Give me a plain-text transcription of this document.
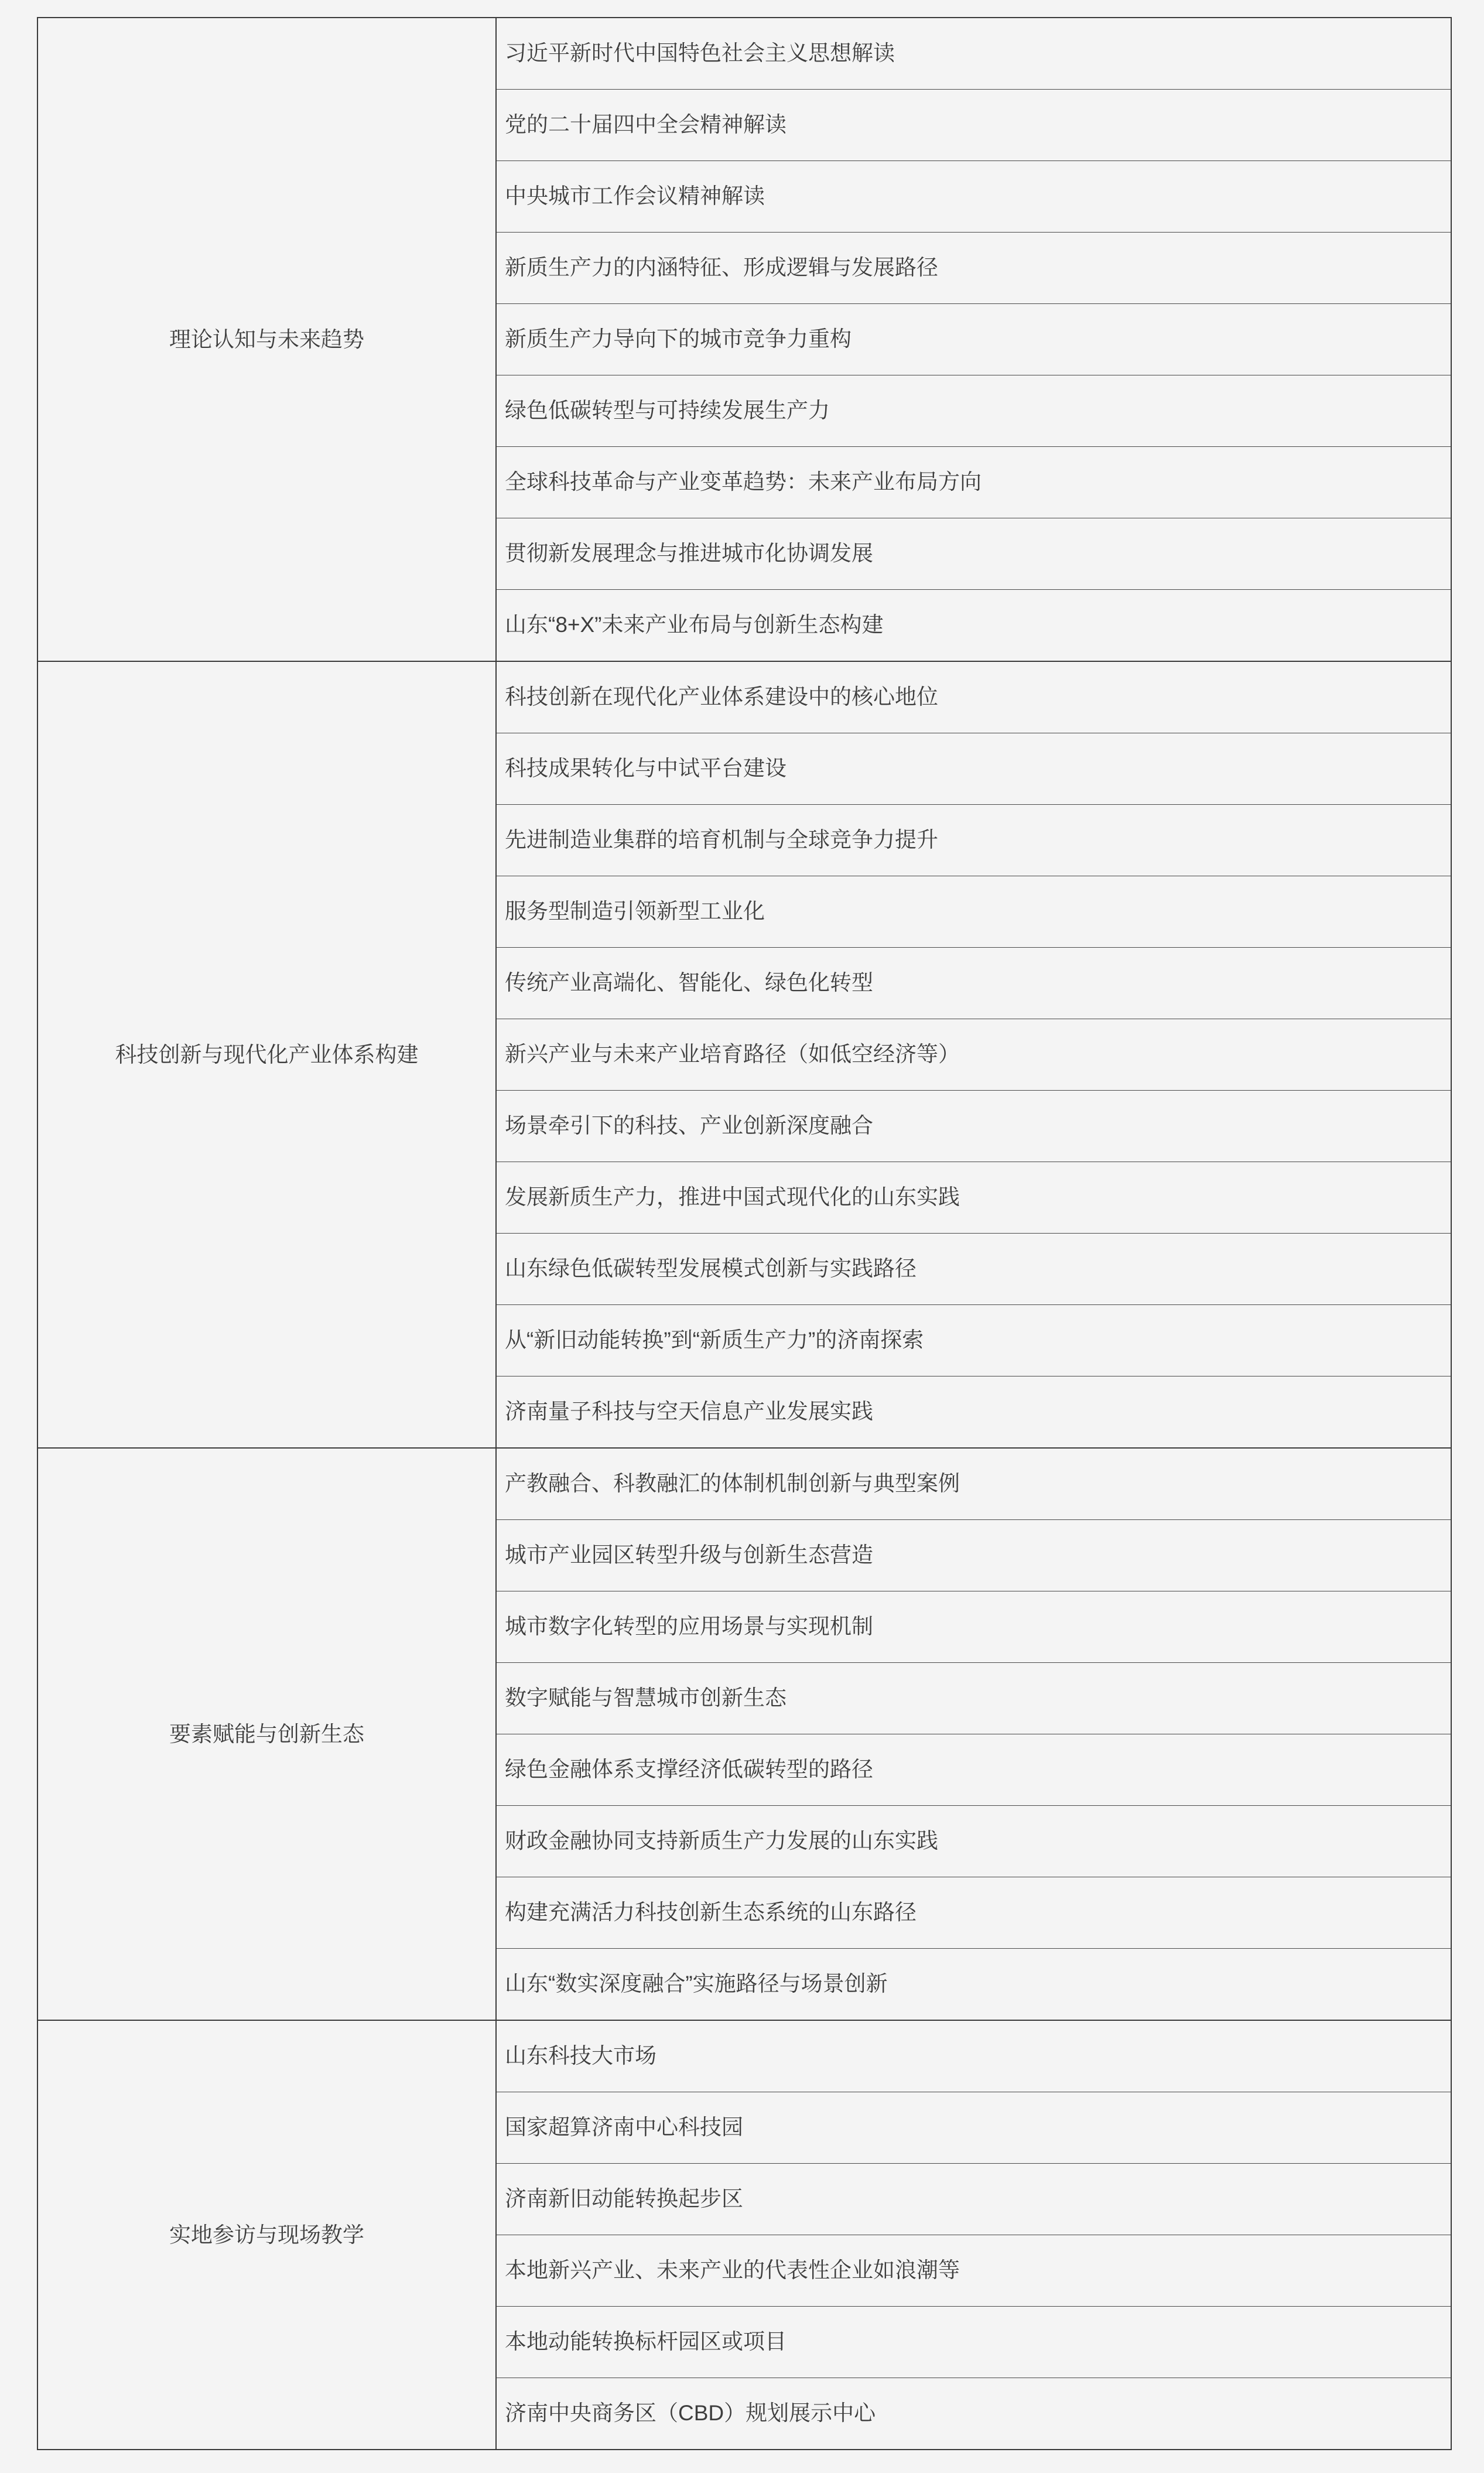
理论认知与未来趋势
习近平新时代中国特色社会主义思想解读
党的二十届四中全会精神解读
中央城市工作会议精神解读
新质生产力的内涵特征、形成逻辑与发展路径
新质生产力导向下的城市竞争力重构
绿色低碳转型与可持续发展生产力
全球科技革命与产业变革趋势：未来产业布局方向
贯彻新发展理念与推进城市化协调发展
山东“8+X”未来产业布局与创新生态构建
科技创新与现代化产业体系构建
科技创新在现代化产业体系建设中的核心地位
科技成果转化与中试平台建设
先进制造业集群的培育机制与全球竞争力提升
服务型制造引领新型工业化
传统产业高端化、智能化、绿色化转型
新兴产业与未来产业培育路径（如低空经济等）
场景牵引下的科技、产业创新深度融合
发展新质生产力，推进中国式现代化的山东实践
山东绿色低碳转型发展模式创新与实践路径
从“新旧动能转换”到“新质生产力”的济南探索
济南量子科技与空天信息产业发展实践
要素赋能与创新生态
产教融合、科教融汇的体制机制创新与典型案例
城市产业园区转型升级与创新生态营造
城市数字化转型的应用场景与实现机制
数字赋能与智慧城市创新生态
绿色金融体系支撑经济低碳转型的路径
财政金融协同支持新质生产力发展的山东实践
构建充满活力科技创新生态系统的山东路径
山东“数实深度融合”实施路径与场景创新
实地参访与现场教学
山东科技大市场
国家超算济南中心科技园
济南新旧动能转换起步区
本地新兴产业、未来产业的代表性企业如浪潮等
本地动能转换标杆园区或项目
济南中央商务区（CBD）规划展示中心
